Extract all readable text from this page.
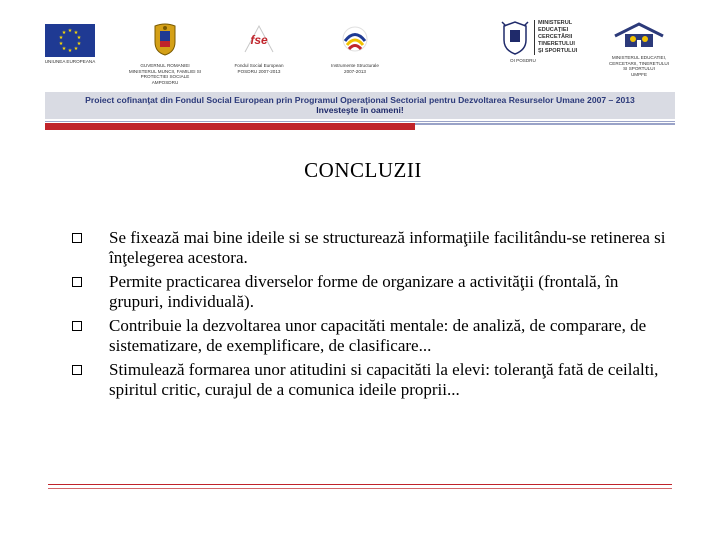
★ ★
★
★
★
★
★
★
★
★
UNIUNEA EUROPEANA
GUVERNUL ROMANIEI
MINISTERUL MUNCII, FAMILIEI SI
PROTECTIEI SOCIALE
AMPOSDRU
fse
Fondul Social European
POSDRU 2007-2013
Instrumente Structurale
2007-2013
MINISTERUL
EDUCAŢIEI
CERCETĂRII
TINERETULUI
ŞI SPORTULUI
OI POSDRU
MINISTERUL EDUCATIEI,
CERCETARII, TINERETULUI
SI SPORTULUI
UMPFE
Proiect cofinanţat din Fondul Social European prin Programul Operaţional Sectorial pentru Dezvoltarea Resurselor Umane 2007 – 2013
Investeşte în oameni!
CONCLUZII
Se fixează mai bine ideile si se structurează informaţiile facilitându-se retinerea si înţelegerea acestora.
Permite practicarea diverselor forme de organizare a activităţii (frontală, în grupuri, individuală).
Contribuie la dezvoltarea unor capacităti mentale: de analiză, de comparare, de sistematizare, de exemplificare, de clasificare...
Stimulează formarea unor atitudini si capacităti la elevi: toleranţă fată de ceilalti, spiritul critic, curajul de a comunica ideile proprii...
